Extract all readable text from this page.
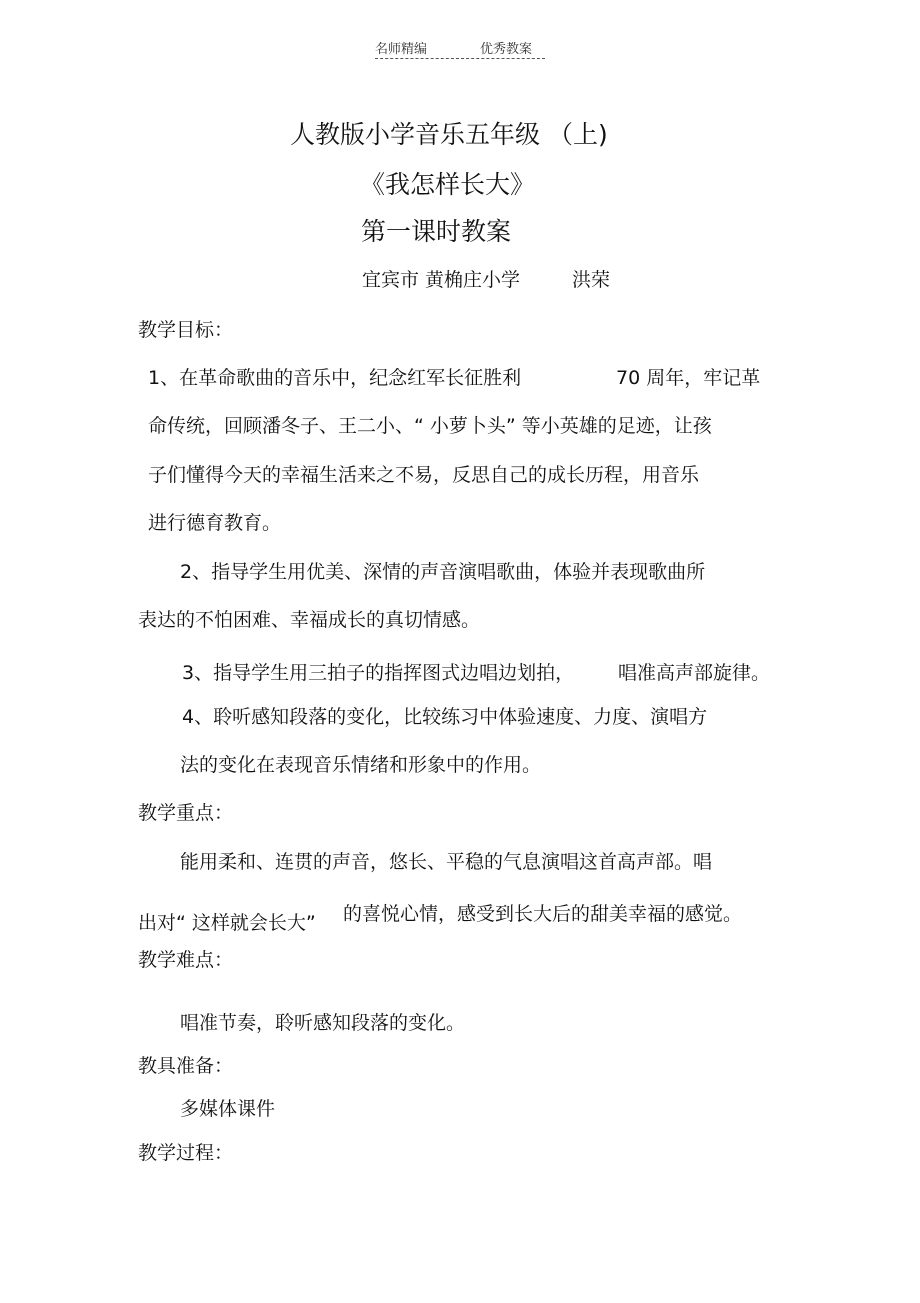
名师精编	优秀教案
人教版小学音乐五年级 （上)
《我怎样长大》
第一课时教案
宜宾市 黄桷庄小学	洪荣
教学目标：
1、在革命歌曲的音乐中，纪念红军长征胜利	70 周年，牢记革
命传统，回顾潘冬子、王二小、“ 小萝卜头” 等小英雄的足迹，让孩
子们懂得今天的幸福生活来之不易，反思自己的成长历程，用音乐
进行德育教育。
2、指导学生用优美、深情的声音演唱歌曲，体验并表现歌曲所
表达的不怕困难、幸福成长的真切情感。
3、指导学生用三拍子的指挥图式边唱边划拍， 唱准高声部旋律。
4、聆听感知段落的变化，比较练习中体验速度、力度、演唱方
法的变化在表现音乐情绪和形象中的作用。
教学重点：
能用柔和、连贯的声音，悠长、平稳的气息演唱这首高声部。唱
出对“ 这样就会长大” 的喜悦心情，感受到长大后的甜美幸福的感觉。
教学难点：
唱准节奏，聆听感知段落的变化。
教具准备：
多媒体课件
教学过程：
